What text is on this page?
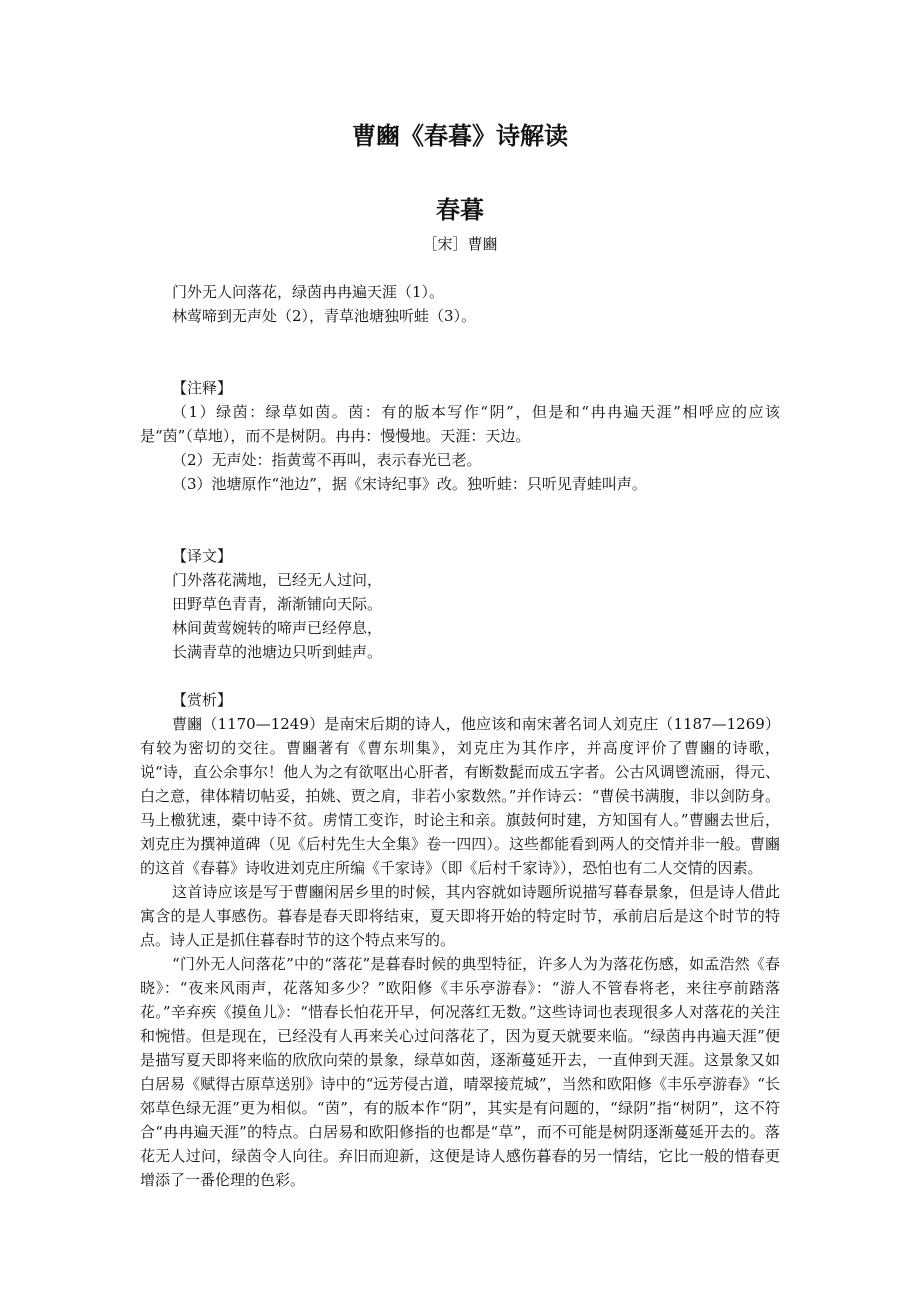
曹豳《春暮》诗解读
春暮
［宋］曹豳

门外无人问落花，绿茵冉冉遍天涯（1）。

林莺啼到无声处（2），青草池塘独听蛙（3）。

【注释】

（1）绿茵：绿草如茵。茵：有的版本写作“阴”，但是和“冉冉遍天涯”相呼应的应该是“茵”（草地），而不是树阴。冉冉：慢慢地。天涯：天边。

（2）无声处：指黄莺不再叫，表示春光已老。

（3）池塘原作“池边”，据《宋诗纪事》改。独听蛙：只听见青蛙叫声。

【译文】

门外落花满地，已经无人过问，

田野草色青青，渐渐铺向天际。

林间黄莺婉转的啼声已经停息，

长满青草的池塘边只听到蛙声。

【赏析】

曹豳（1170—1249）是南宋后期的诗人，他应该和南宋著名词人刘克庄（1187—1269）有较为密切的交往。曹豳著有《曹东圳集》，刘克庄为其作序，并高度评价了曹豳的诗歌，说“诗，直公余事尔！他人为之有欲呕出心肝者，有断数髭而成五字者。公古风调鬯流丽，得元、白之意，律体精切帖妥，拍姚、贾之肩，非若小家数然。”并作诗云：“曹侯书满腹，非以剑防身。马上檄犹速，橐中诗不贫。虏情工变诈，时论主和亲。旗鼓何时建，方知国有人。”曹豳去世后，刘克庄为撰神道碑（见《后村先生大全集》卷一四四）。这些都能看到两人的交情并非一般。曹豳的这首《春暮》诗收进刘克庄所编《千家诗》（即《后村千家诗》），恐怕也有二人交情的因素。

这首诗应该是写于曹豳闲居乡里的时候，其内容就如诗题所说描写暮春景象，但是诗人借此寓含的是人事感伤。暮春是春天即将结束，夏天即将开始的特定时节，承前启后是这个时节的特点。诗人正是抓住暮春时节的这个特点来写的。

“门外无人问落花”中的“落花”是暮春时候的典型特征，许多人为为落花伤感，如孟浩然《春晓》：“夜来风雨声，花落知多少？”欧阳修《丰乐亭游春》：“游人不管春将老，来往亭前踏落花。”辛弃疾《摸鱼儿》：“惜春长怕花开早，何况落红无数。”这些诗词也表现很多人对落花的关注和惋惜。但是现在，已经没有人再来关心过问落花了，因为夏天就要来临。“绿茵冉冉遍天涯”便是描写夏天即将来临的欣欣向荣的景象，绿草如茵，逐渐蔓延开去，一直伸到天涯。这景象又如白居易《赋得古原草送别》诗中的“远芳侵古道，晴翠接荒城”，当然和欧阳修《丰乐亭游春》“长郊草色绿无涯”更为相似。“茵”，有的版本作“阴”，其实是有问题的，“绿阴”指“树阴”，这不符合“冉冉遍天涯”的特点。白居易和欧阳修指的也都是“草”，而不可能是树阴逐渐蔓延开去的。落花无人过问，绿茵令人向往。弃旧而迎新，这便是诗人感伤暮春的另一情结，它比一般的惜春更增添了一番伦理的色彩。
